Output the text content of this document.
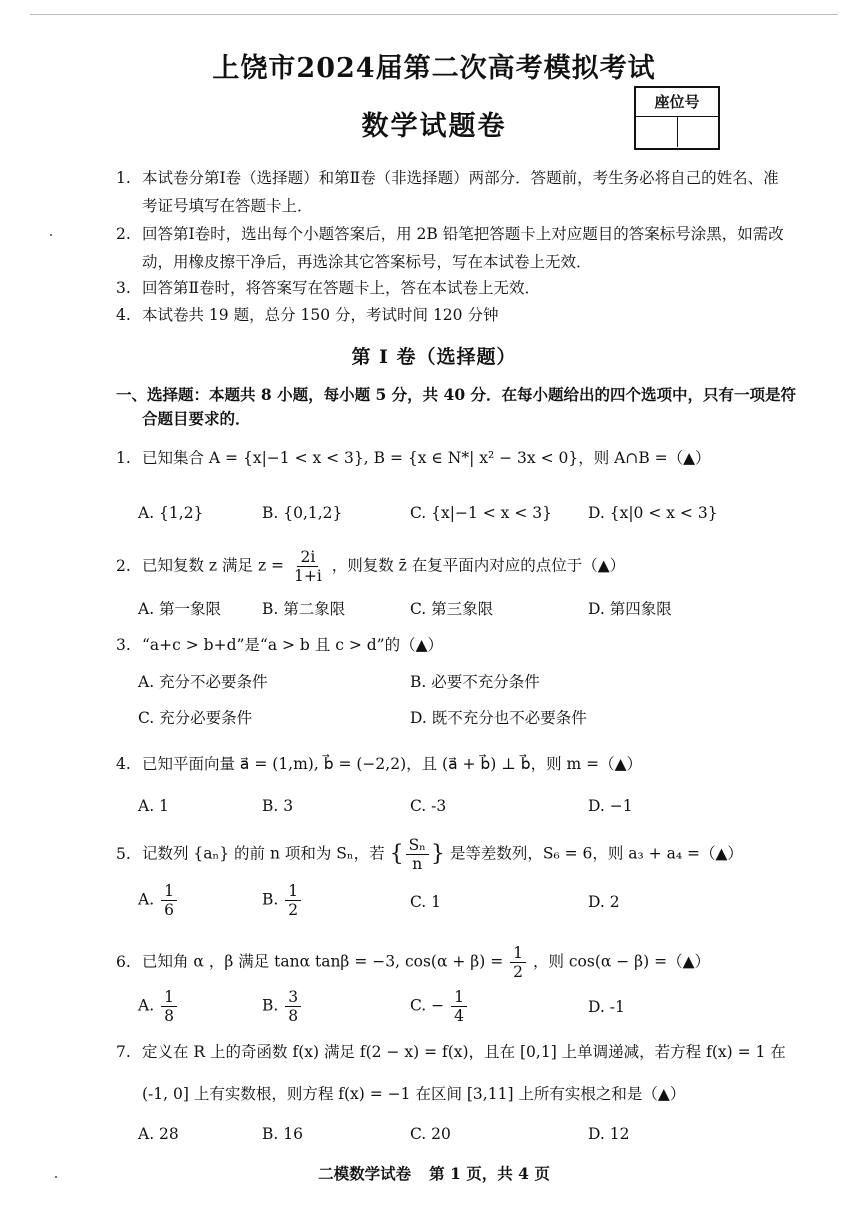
上饶市2024届第二次高考模拟考试
数学试题卷
座位号
1. 本试卷分第Ⅰ卷（选择题）和第Ⅱ卷（非选择题）两部分．答题前，考生务必将自己的姓名、准
考证号填写在答题卡上．
2. 回答第Ⅰ卷时，选出每个小题答案后，用 2B 铅笔把答题卡上对应题目的答案标号涂黑，如需改
动，用橡皮擦干净后，再选涂其它答案标号，写在本试卷上无效．
3. 回答第Ⅱ卷时，将答案写在答题卡上，答在本试卷上无效．
4. 本试卷共 19 题，总分 150 分，考试时间 120 分钟
第 I 卷（选择题）
一、选择题：本题共 8 小题，每小题 5 分，共 40 分．在每小题给出的四个选项中，只有一项是符
合题目要求的．
1. 已知集合 A = {x|−1 < x < 3}, B = {x ∈ N*| x² − 3x < 0}，则 A∩B =（▲）
A. {1,2}	B. {0,1,2}	C. {x|−1 < x < 3} D. {x|0 < x < 3}
2. 已知复数 z 满足 $z = \frac{2i}{1+i}$ ，则复数 z̄ 在复平面内对应的点位于（▲）
A. 第一象限	B. 第二象限	C. 第三象限	D. 第四象限
3. “a+c > b+d”是“a > b 且 c > d”的（▲）
A. 充分不必要条件	B. 必要不充分条件
C. 充分必要条件	D. 既不充分也不必要条件
4. 已知平面向量 a⃗ = (1,m), b⃗ = (−2,2)，且 (a⃗ + b⃗) ⊥ b⃗，则 m =（▲）
A. 1	B. 3	C. -3	D. −1
5. 记数列 {aₙ} 的前 n 项和为 Sₙ，若 { $\frac{\text{Sₙ}}{n}$ } 是等差数列，S₆ = 6，则 a₃ + a₄ =（▲）
A. $\frac{1}{6}$	B. $\frac{1}{2}$	C. 1	D. 2
6. 已知角 α ，β 满足 tanα tanβ = −3, $\cos(\alpha + \beta) = \frac{1}{2}$ ，则 cos(α − β) =（▲）
A. $\frac{1}{8}$	B. $\frac{3}{8}$	C. − $\frac{1}{4}$	D. -1
7. 定义在 R 上的奇函数 f(x) 满足 f(2 − x) = f(x)，且在 [0,1] 上单调递减，若方程 f(x) = 1 在
(-1, 0] 上有实数根，则方程 f(x) = −1 在区间 [3,11] 上所有实根之和是（▲）
A. 28	B. 16	C. 20	D. 12
二模数学试卷 第 1 页，共 4 页
